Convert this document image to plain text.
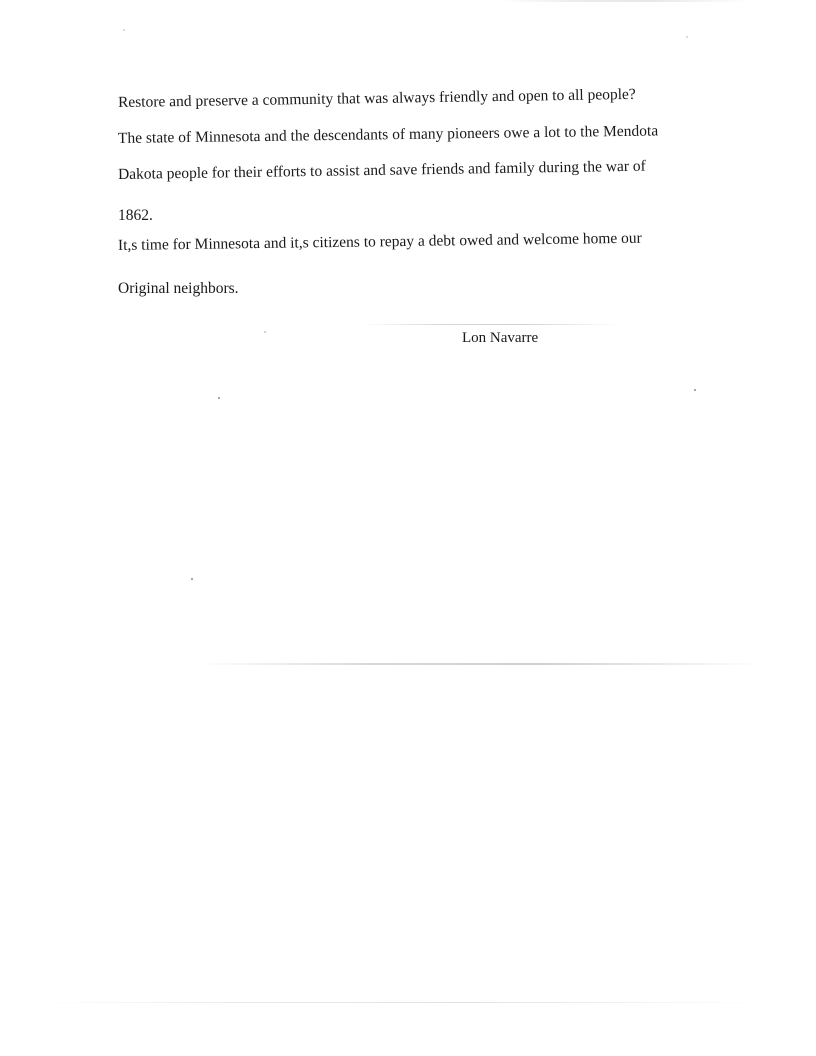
Restore and preserve a community that was always friendly and open to all people?
The state of Minnesota and the descendants of many pioneers owe a lot to the Mendota
Dakota people for their efforts to assist and save friends and family during the war of
1862.
It,s time for Minnesota and it,s citizens to repay a debt owed and welcome home our
Original neighbors.
Lon Navarre
